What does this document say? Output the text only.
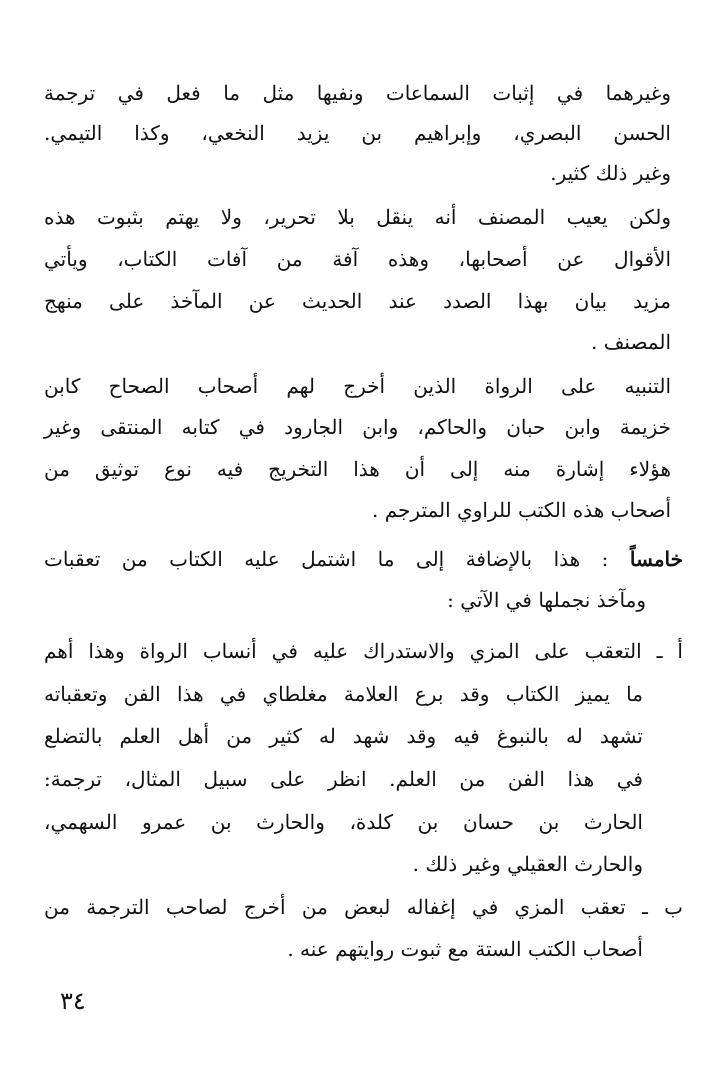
وغيرهما في إثبات السماعات ونفيها مثل ما فعل في ترجمة
الحسن البصري، وإبراهيم بن يزيد النخعي، وكذا التيمي.
وغير ذلك كثير.
ولكن يعيب المصنف أنه ينقل بلا تحرير، ولا يهتم بثبوت هذه
الأقوال عن أصحابها، وهذه آفة من آفات الكتاب، ويأتي
مزيد بيان بهذا الصدد عند الحديث عن المآخذ على منهج
المصنف .
التنبيه على الرواة الذين أخرج لهم أصحاب الصحاح كابن
خزيمة وابن حبان والحاكم، وابن الجارود في كتابه المنتقى وغير
هؤلاء إشارة منه إلى أن هذا التخريج فيه نوع توثيق من
أصحاب هذه الكتب للراوي المترجم .
خامساً : هذا بالإضافة إلى ما اشتمل عليه الكتاب من تعقبات
ومآخذ نجملها في الآتي :
أ ـ التعقب على المزي والاستدراك عليه في أنساب الرواة وهذا أهم
ما يميز الكتاب وقد برع العلامة مغلطاي في هذا الفن وتعقباته
تشهد له بالنبوغ فيه وقد شهد له كثير من أهل العلم بالتضلع
في هذا الفن من العلم. انظر على سبيل المثال، ترجمة:
الحارث بن حسان بن كلدة، والحارث بن عمرو السهمي،
والحارث العقيلي وغير ذلك .
ب ـ تعقب المزي في إغفاله لبعض من أخرج لصاحب الترجمة من
أصحاب الكتب الستة مع ثبوت روايتهم عنه .
٣٤
